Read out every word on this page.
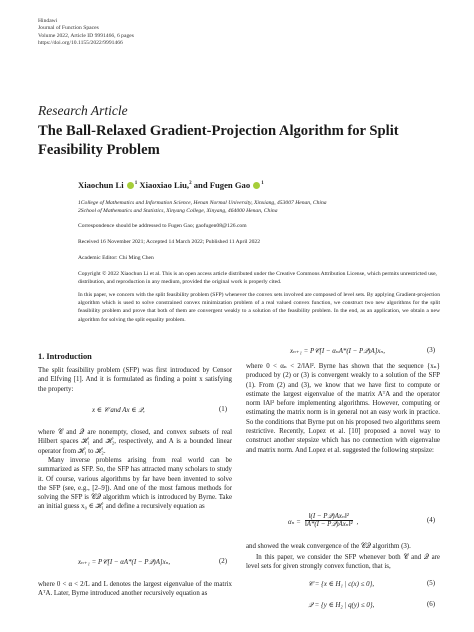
Hindawi
Journal of Function Spaces
Volume 2022, Article ID 9991466, 6 pages
https://doi.org/10.1155/2022/9991466
Research Article
The Ball-Relaxed Gradient-Projection Algorithm for Split Feasibility Problem
Xiaochun Li $^1$ Xiaoxiao Liu,$^2$ and Fugen Gao $^1$
1College of Mathematics and Information Science, Henan Normal University, Xinxiang, 453007 Henan, China
2School of Mathematics and Statistics, Xinyang College, Xinyang, 464000 Henan, China
Correspondence should be addressed to Fugen Gao; gaofugen08@126.com
Received 16 November 2021; Accepted 14 March 2022; Published 11 April 2022
Academic Editor: Chi Ming Chen
Copyright © 2022 Xiaochun Li et al. This is an open access article distributed under the Creative Commons Attribution License, which permits unrestricted use, distribution, and reproduction in any medium, provided the original work is properly cited.
In this paper, we concern with the split feasibility problem (SFP) whenever the convex sets involved are composed of level sets. By applying Gradient-projection algorithm which is used to solve constrained convex minimization problem of a real valued convex function, we construct two new algorithms for the split feasibility problem and prove that both of them are convergent weakly to a solution of the feasibility problem. In the end, as an application, we obtain a new algorithm for solving the split equality problem.
1. Introduction
The split feasibility problem (SFP) was first introduced by Censor and Elfving [1]. And it is formulated as finding a point x satisfying the property:
x ∈ 𝒞 and Ax ∈ 𝒬,	(1)
where 𝒞 and 𝒬 are nonempty, closed, and convex subsets of real Hilbert spaces ℋ₁ and ℋ₂, respectively, and A is a bounded linear operator from ℋ₁ to ℋ₂.
Many inverse problems arising from real world can be summarized as SFP. So, the SFP has attracted many scholars to study it. Of course, various algorithms by far have been invented to solve the SFP (see, e.g., [2–9]). And one of the most famous methods for solving the SFP is 𝒞𝒬 algorithm which is introduced by Byrne. Take an initial guess x₀ ∈ ℋ₁ and define a recursively equation as
xₙ₊₁ = P𝒞[I − αA*(I − P𝒬)A]xₙ,	(2)
where 0 < α < 2/L and L denotes the largest eigenvalue of the matrix AᵀA. Later, Byrne introduced another recursively equation as
xₙ₊₁ = P𝒞[I − αₙA*(I − P𝒬)A]xₙ,	(3)
where 0 < αₙ < 2/‖A‖². Byrne has shown that the sequence {xₙ} produced by (2) or (3) is convergent weakly to a solution of the SFP (1). From (2) and (3), we know that we have first to compute or estimate the largest eigenvalue of the matrix AᵀA and the operator norm ‖A‖² before implementing algorithms. However, computing or estimating the matrix norm is in general not an easy work in practice. So the conditions that Byrne put on his proposed two algorithms seem restrictive. Recently, Lopez et al. [10] proposed a novel way to construct another stepsize which has no connection with eigenvalue and matrix norm. And Lopez et al. suggested the following stepsize:
$\alpha_n = \frac{\text{‖(I − P𝒬)Axₙ‖²}}{\text{‖A*(I − P𝒬)Axₙ‖²}}$ ,	(4)
and showed the weak convergence of the 𝒞𝒬 algorithm (3).
In this paper, we consider the SFP whenever both 𝒞 and 𝒬 are level sets for given strongly convex function, that is,
𝒞 = {x ∈ H₁ | c(x) ≤ 0},	(5)
𝒬 = {y ∈ H₂ | q(y) ≤ 0},	(6)
